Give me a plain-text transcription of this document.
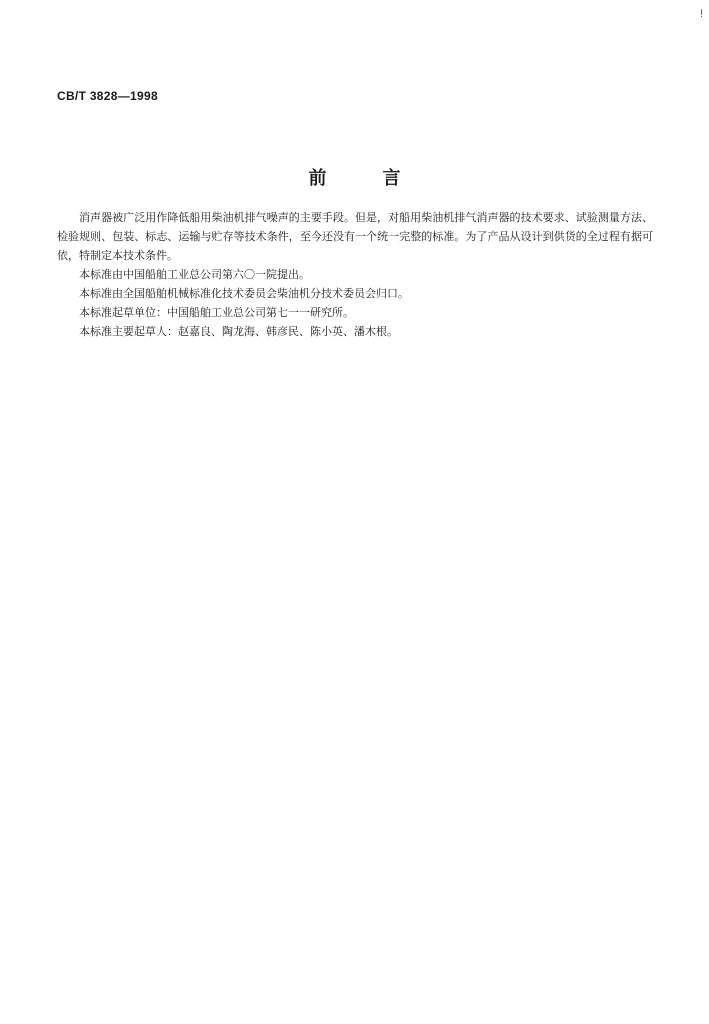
!
CB/T 3828—1998
前	言

消声器被广泛用作降低船用柴油机排气噪声的主要手段。但是，对船用柴油机排气消声器的技术要求、试验测量方法、检验规则、包装、标志、运输与贮存等技术条件，至今还没有一个统一完整的标准。为了产品从设计到供货的全过程有据可依，特制定本技术条件。

本标准由中国船舶工业总公司第六〇一院提出。

本标准由全国船舶机械标准化技术委员会柴油机分技术委员会归口。

本标准起草单位：中国船舶工业总公司第七一一研究所。

本标准主要起草人：赵嘉良、陶龙海、韩彦民、陈小英、潘木根。
